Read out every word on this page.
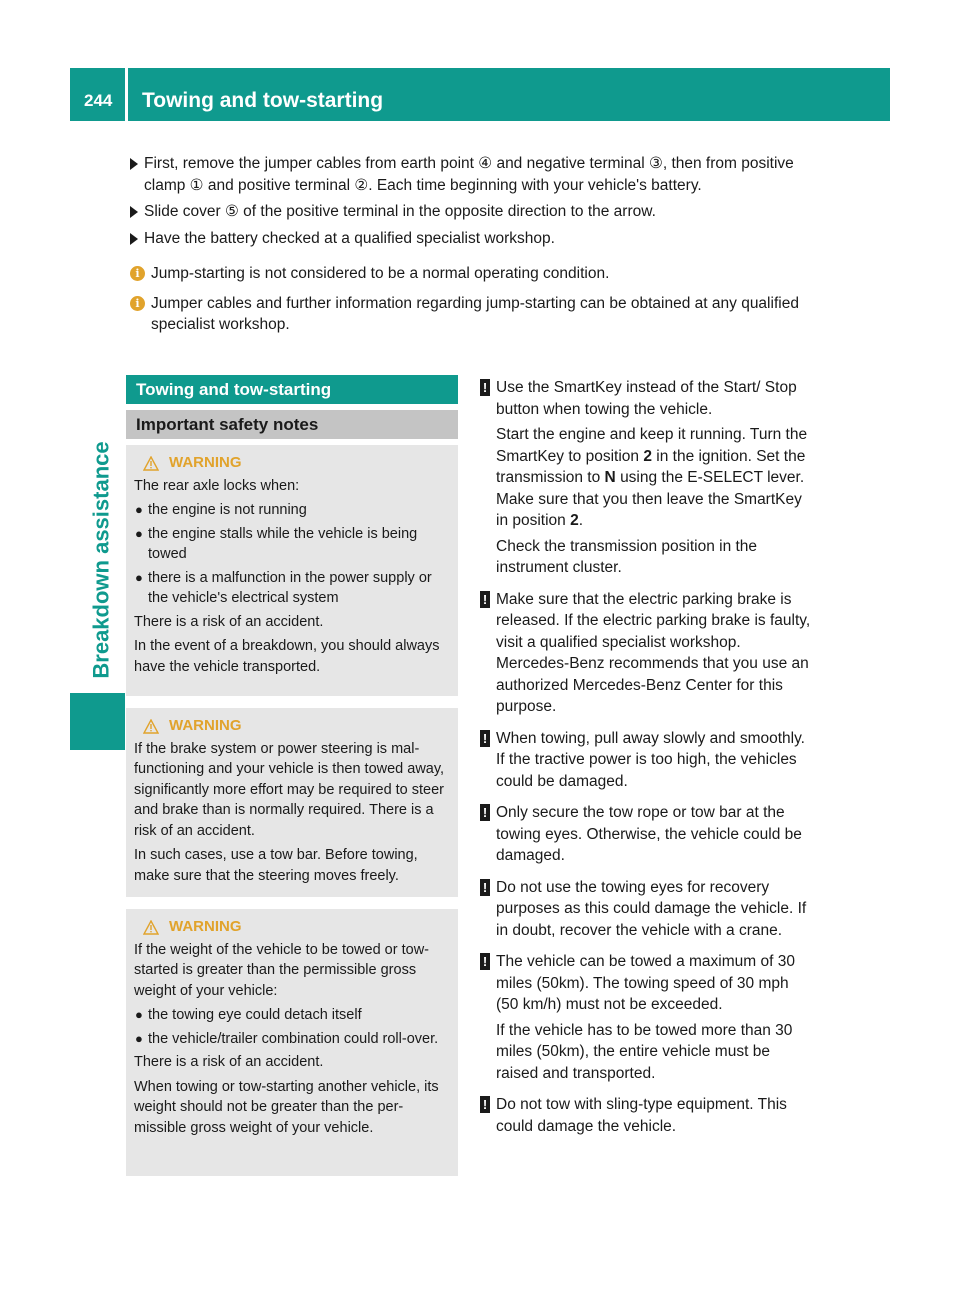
244	Towing and tow-starting
Breakdown assistance
First, remove the jumper cables from earth point ④ and negative terminal ③, then from positive clamp ① and positive terminal ②. Each time beginning with your vehicle's battery.
Slide cover ⑤ of the positive terminal in the opposite direction to the arrow.
Have the battery checked at a qualified specialist workshop.
i Jump-starting is not considered to be a normal operating condition.
i Jumper cables and further information regarding jump-starting can be obtained at any qualified specialist workshop.
Towing and tow-starting
Important safety notes
WARNING

The rear axle locks when:

● the engine is not running
● the engine stalls while the vehicle is being towed
● there is a malfunction in the power supply or the vehicle's electrical system

There is a risk of an accident.

In the event of a breakdown, you should always have the vehicle transported.

WARNING

If the brake system or power steering is mal-functioning and your vehicle is then towed away, significantly more effort may be required to steer and brake than is normally required. There is a risk of an accident.

In such cases, use a tow bar. Before towing, make sure that the steering moves freely.

WARNING

If the weight of the vehicle to be towed or tow-started is greater than the permissible gross weight of your vehicle:

● the towing eye could detach itself
● the vehicle/trailer combination could roll-over.

There is a risk of an accident.

When towing or tow-starting another vehicle, its weight should not be greater than the per-missible gross weight of your vehicle.

! Use the SmartKey instead of the Start/ Stop button when towing the vehicle.

Start the engine and keep it running. Turn the SmartKey to position 2 in the ignition. Set the transmission to N using the E-SELECT lever. Make sure that you then leave the SmartKey in position 2.

Check the transmission position in the instrument cluster.

! Make sure that the electric parking brake is released. If the electric parking brake is faulty, visit a qualified specialist workshop. Mercedes-Benz recommends that you use an authorized Mercedes-Benz Center for this purpose.

! When towing, pull away slowly and smoothly. If the tractive power is too high, the vehicles could be damaged.

! Only secure the tow rope or tow bar at the towing eyes. Otherwise, the vehicle could be damaged.

! Do not use the towing eyes for recovery purposes as this could damage the vehicle. If in doubt, recover the vehicle with a crane.

! The vehicle can be towed a maximum of 30 miles (50km). The towing speed of 30 mph (50 km/h) must not be exceeded.

If the vehicle has to be towed more than 30 miles (50km), the entire vehicle must be raised and transported.

! Do not tow with sling-type equipment. This could damage the vehicle.
